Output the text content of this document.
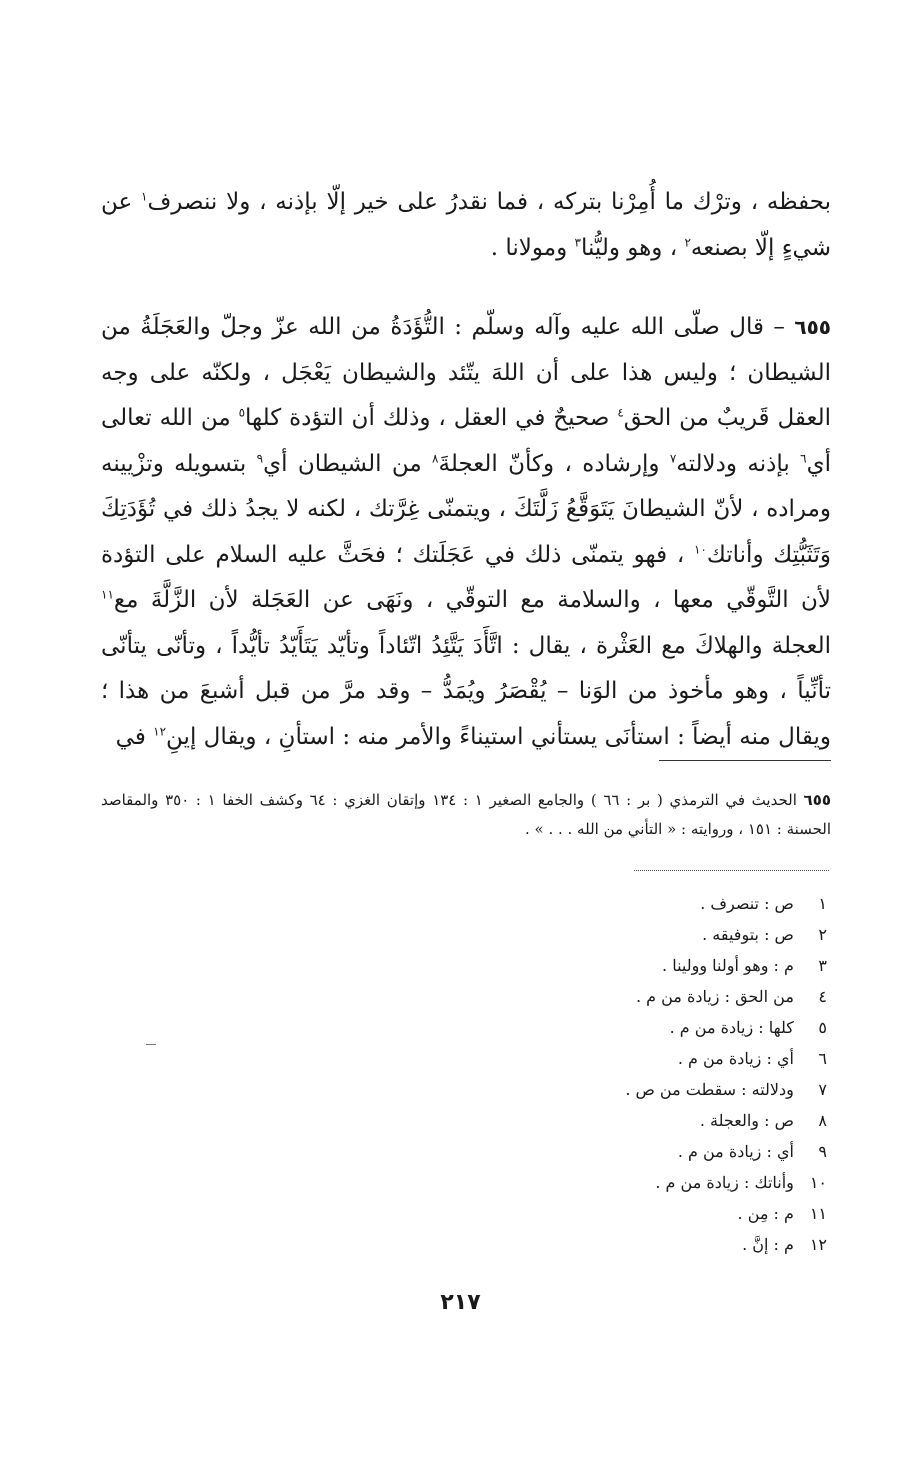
بحفظه ، وترْك ما أُمِرْنا بتركه ، فما نقدرُ على خير إلّا بإذنه ، ولا ننصرف$^١$ عن شيءٍ إلّا بصنعه$^٢$ ، وهو وليُّنا$^٣$ ومولانا .

٦٥٥ – قال صلّى الله عليه وآله وسلّم : التُّؤَدَةُ من الله عزّ وجلّ والعَجَلَةُ من الشيطان ؛ وليس هذا على أن اللهَ يتّئد والشيطان يَعْجَل ، ولكنّه على وجه العقل قَريبٌ من الحق$^٤$ صحيحٌ في العقل ، وذلك أن التؤدة كلها$^٥$ من الله تعالى أي$^٦$ بإذنه ودلالته$^٧$ وإرشاده ، وكأنّ العجلةَ$^٨$ من الشيطان أي$^٩$ بتسويله وتزْيينه ومراده ، لأنّ الشيطانَ يَتَوَقَّعُ زَلَّتَكَ ، ويتمنّى غِرَّتك ، لكنه لا يجدُ ذلك في تُؤَدَتِكَ وَتَثَبُّتِك وأناتك$^{١٠}$ ، فهو يتمنّى ذلك في عَجَلَتك ؛ فحَثَّ عليه السلام على التؤدة لأن التَّوقّي معها ، والسلامة مع التوقّي ، ونَهَى عن العَجَلة لأن الزَّلَّةَ مع$^{١١}$ العجلة والهلاكَ مع العَثْرة ، يقال : اتَّأَدَ يَتَّئِدُ اتّئاداً وتأيّد يَتَأَيّدُ تأيُّداً ، وتأنّى يتأنّى تأنِّياً ، وهو مأخوذ من الوَنا – يُقْصَرُ ويُمَدُّ – وقد مرَّ من قبل أشبعَ من هذا ؛ ويقال منه أيضاً : استأنَى يستأني استيناءً والأمر منه : استأنِ ، ويقال إينِ$^{١٢}$ في

٦٥٥ الحديث في الترمذي ( بر : ٦٦ ) والجامع الصغير ١ : ١٣٤ وإتقان الغزي : ٦٤ وكشف الخفا ١ : ٣٥٠ والمقاصد الحسنة : ١٥١ ، وروايته : « التأني من الله . . . » .

١ ص : تنصرف .
٢ ص : بتوفيقه .
٣ م : وهو أولنا وولينا .
٤ من الحق : زيادة من م .
٥ كلها : زيادة من م .
٦ أي : زيادة من م .
٧ ودلالته : سقطت من ص .
٨ ص : والعجلة .
٩ أي : زيادة من م .
١٠ وأناتك : زيادة من م .
١١ م : مِن .
١٢ م : إنَّ .
٢١٧
